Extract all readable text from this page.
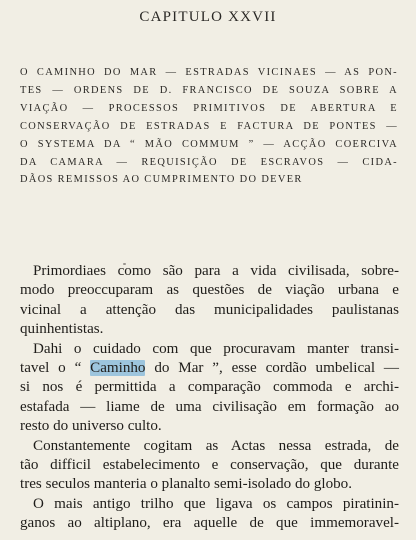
CAPITULO XXVII
O CAMINHO DO MAR — ESTRADAS VICINAES — AS PON-
TES — ORDENS DE D. FRANCISCO DE SOUZA SOBRE A
VIAÇÃO — PROCESSOS PRIMITIVOS DE ABERTURA E
CONSERVAÇÃO DE ESTRADAS E FACTURA DE PONTES —
O SYSTEMA DA “ MÃO COMMUM ” — ACÇÃO COERCIVA
DA CAMARA — REQUISIÇÃO DE ESCRAVOS — CIDA-
DÃOS REMISSOS AO CUMPRIMENTO DO DEVER
Primordiaes como são para a vida civilisada, sobre-
modo preoccuparam as questões de viação urbana e
vicinal a attenção das municipalidades paulistanas
quinhentistas.
Dahi o cuidado com que procuravam manter transi-
tavel o “ Caminho do Mar ”, esse cordão umbelical —
si nos é permittida a comparação commoda e archi-
estafada — liame de uma civilisação em formação ao
resto do universo culto.
Constantemente cogitam as Actas nessa estrada, de
tão difficil estabelecimento e conservação, que durante
tres seculos manteria o planalto semi-isolado do globo.
O mais antigo trilho que ligava os campos piratinin-
ganos ao altiplano, era aquelle de que immemoravel-
